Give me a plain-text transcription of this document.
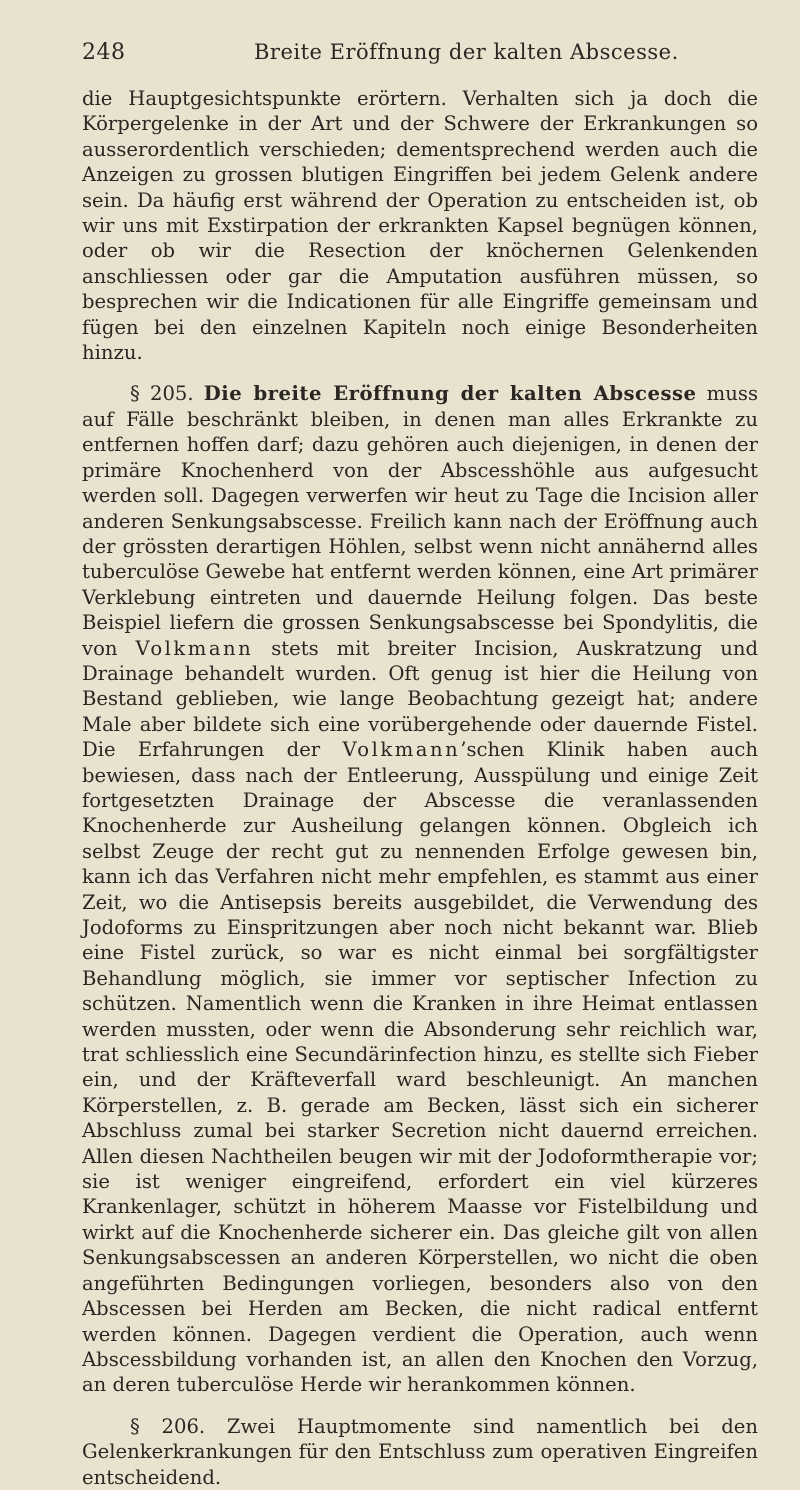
248	Breite Eröffnung der kalten Abscesse.

die Hauptgesichtspunkte erörtern. Verhalten sich ja doch die Körpergelenke in der Art und der Schwere der Erkrankungen so ausserordentlich verschieden; dementsprechend werden auch die Anzeigen zu grossen blutigen Eingriffen bei jedem Gelenk andere sein. Da häufig erst während der Operation zu entscheiden ist, ob wir uns mit Exstirpation der erkrankten Kapsel begnügen können, oder ob wir die Resection der knöchernen Gelenkenden anschliessen oder gar die Amputation ausführen müssen, so besprechen wir die Indicationen für alle Eingriffe gemeinsam und fügen bei den einzelnen Kapiteln noch einige Besonderheiten hinzu.

§ 205. Die breite Eröffnung der kalten Abscesse muss auf Fälle beschränkt bleiben, in denen man alles Erkrankte zu entfernen hoffen darf; dazu gehören auch diejenigen, in denen der primäre Knochenherd von der Abscesshöhle aus aufgesucht werden soll. Dagegen verwerfen wir heut zu Tage die Incision aller anderen Senkungsabscesse. Freilich kann nach der Eröffnung auch der grössten derartigen Höhlen, selbst wenn nicht annähernd alles tuberculöse Gewebe hat entfernt werden können, eine Art primärer Verklebung eintreten und dauernde Heilung folgen. Das beste Beispiel liefern die grossen Senkungsabscesse bei Spondylitis, die von Volkmann stets mit breiter Incision, Auskratzung und Drainage behandelt wurden. Oft genug ist hier die Heilung von Bestand geblieben, wie lange Beobachtung gezeigt hat; andere Male aber bildete sich eine vorübergehende oder dauernde Fistel. Die Erfahrungen der Volkmann’schen Klinik haben auch bewiesen, dass nach der Entleerung, Ausspülung und einige Zeit fortgesetzten Drainage der Abscesse die veranlassenden Knochenherde zur Ausheilung gelangen können. Obgleich ich selbst Zeuge der recht gut zu nennenden Erfolge gewesen bin, kann ich das Verfahren nicht mehr empfehlen, es stammt aus einer Zeit, wo die Antisepsis bereits ausgebildet, die Verwendung des Jodoforms zu Einspritzungen aber noch nicht bekannt war. Blieb eine Fistel zurück, so war es nicht einmal bei sorgfältigster Behandlung möglich, sie immer vor septischer Infection zu schützen. Namentlich wenn die Kranken in ihre Heimat entlassen werden mussten, oder wenn die Absonderung sehr reichlich war, trat schliesslich eine Secundärinfection hinzu, es stellte sich Fieber ein, und der Kräfteverfall ward beschleunigt. An manchen Körperstellen, z. B. gerade am Becken, lässt sich ein sicherer Abschluss zumal bei starker Secretion nicht dauernd erreichen. Allen diesen Nachtheilen beugen wir mit der Jodoformtherapie vor; sie ist weniger eingreifend, erfordert ein viel kürzeres Krankenlager, schützt in höherem Maasse vor Fistelbildung und wirkt auf die Knochenherde sicherer ein. Das gleiche gilt von allen Senkungsabscessen an anderen Körperstellen, wo nicht die oben angeführten Bedingungen vorliegen, besonders also von den Abscessen bei Herden am Becken, die nicht radical entfernt werden können. Dagegen verdient die Operation, auch wenn Abscessbildung vorhanden ist, an allen den Knochen den Vorzug, an deren tuberculöse Herde wir herankommen können.

§ 206. Zwei Hauptmomente sind namentlich bei den Gelenkerkrankungen für den Entschluss zum operativen Eingreifen entscheidend.
